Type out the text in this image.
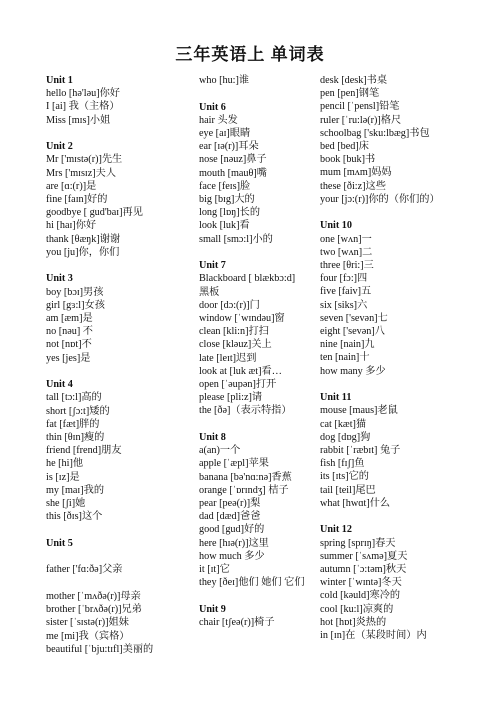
三年英语上 单词表
Unit 1
hello [hə'ləu]你好
I [ai] 我（主格）
Miss [mɪs]小姐
Unit 2
Mr ['mɪstə(r)]先生
Mrs ['mɪsɪz]夫人
are [ɑ:(r)]是
fine [faɪn]好的
goodbye [ gud'baɪ]再见
hi [haɪ]你好
thank [θæŋk]谢谢
you [ju]你，你们
Unit 3
boy [bɔɪ]男孩
girl [gɜ:l]女孩
am [æm]是
no [nəu] 不
not [nɒt]不
yes [jes]是
Unit 4
tall [tɔ:l]高的
short [ʃɔ:t]矮的
fat [fæt]胖的
thin [θɪn]瘦的
friend [frend]朋友
he [hi]他
is [ɪz]是
my [maɪ]我的
she [ʃi]她
this [ðɪs]这个
Unit 5
father ['fɑ:ðə]父亲
mother [ˈmʌðə(r)]母亲
brother [ˈbrʌðə(r)]兄弟
sister [ˈsɪstə(r)]姐妹
me [mi]我（宾格）
beautiful [ˈbju:tɪfl]美丽的
who [hu:]谁
Unit 6
hair 头发
eye [aɪ]眼睛
ear [ɪə(r)]耳朵
nose [nəuz]鼻子
mouth [mauθ]嘴
face [feɪs]脸
big [bɪg]大的
long [lɒŋ]长的
look [luk]看
small [smɔ:l]小的
Unit 7
Blackboard [ blækbɔ:d]
黑板
door [dɔ:(r)]门
window [ˈwɪndəu]窗
clean [kli:n]打扫
close [kləuz]关上
late [leɪt]迟到
look at [luk æt]看…
open [ˈəupən]打开
please [pli:z]请
the [ðə]（表示特指）
Unit 8
a(an)一个
apple [ˈæpl]苹果
banana [bə'nɑ:nə]香蕉
orange [ˈɒrɪndʒ] 桔子
pear [peə(r)]梨
dad [dæd]爸爸
good [gud]好的
here [hɪə(r)]这里
how much 多少
it [ɪt]它
they [ðeɪ]他们 她们 它们
Unit 9
chair [tʃeə(r)]椅子
desk [desk]书桌
pen [pen]钢笔
pencil [ˈpensl]铅笔
ruler [ˈru:lə(r)]格尺
schoolbag ['sku:lbæg]书包
bed [bed]床
book [buk]书
mum [mʌm]妈妈
these [ði:z]这些
your [jɔ:(r)]你的（你们的）
Unit 10
one [wʌn]一
two [wʌn]二
three [θri:]三
four [fɔ:]四
five [faiv]五
six [siks]六
seven ['sevən]七
eight ['sevən]八
nine [nain]九
ten [nain]十
how many 多少
Unit 11
mouse [maus]老鼠
cat [kæt]猫
dog [dɒg]狗
rabbit [ˈræbɪt] 兔子
fish [fɪʃ]鱼
its [ɪts]它的
tail [teil]尾巴
what [hwɑt]什么
Unit 12
spring [sprɪŋ]春天
summer [ˈsʌmə]夏天
autumn [ˈɔ:təm]秋天
winter [ˈwɪntə]冬天
cold [kəuld]寒冷的
cool [ku:l]凉爽的
hot [hɒt]炎热的
in [ɪn]在（某段时间）内
